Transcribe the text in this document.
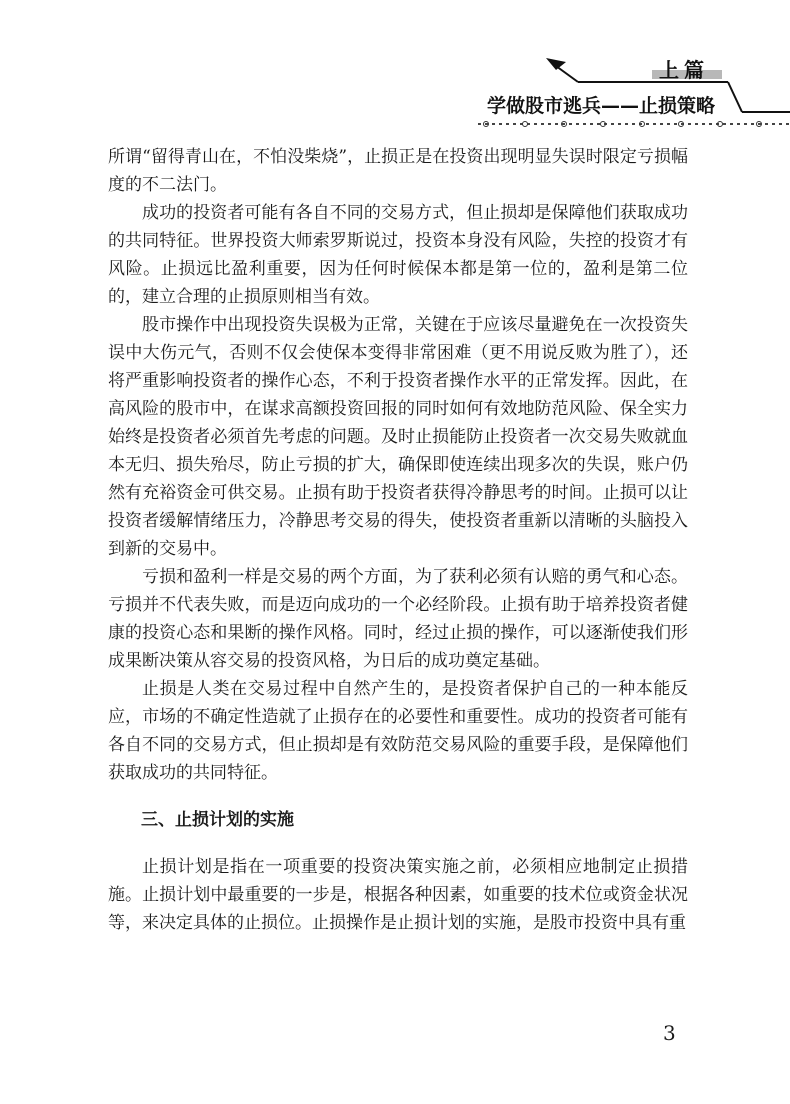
上篇
学做股市逃兵——止损策略

所谓“留得青山在，不怕没柴烧”，止损正是在投资出现明显失误时限定亏损幅度的不二法门。

成功的投资者可能有各自不同的交易方式，但止损却是保障他们获取成功的共同特征。世界投资大师索罗斯说过，投资本身没有风险，失控的投资才有风险。止损远比盈利重要，因为任何时候保本都是第一位的，盈利是第二位的，建立合理的止损原则相当有效。

股市操作中出现投资失误极为正常，关键在于应该尽量避免在一次投资失误中大伤元气，否则不仅会使保本变得非常困难（更不用说反败为胜了），还将严重影响投资者的操作心态，不利于投资者操作水平的正常发挥。因此，在高风险的股市中，在谋求高额投资回报的同时如何有效地防范风险、保全实力始终是投资者必须首先考虑的问题。及时止损能防止投资者一次交易失败就血本无归、损失殆尽，防止亏损的扩大，确保即使连续出现多次的失误，账户仍然有充裕资金可供交易。止损有助于投资者获得冷静思考的时间。止损可以让投资者缓解情绪压力，冷静思考交易的得失，使投资者重新以清晰的头脑投入到新的交易中。

亏损和盈利一样是交易的两个方面，为了获利必须有认赔的勇气和心态。亏损并不代表失败，而是迈向成功的一个必经阶段。止损有助于培养投资者健康的投资心态和果断的操作风格。同时，经过止损的操作，可以逐渐使我们形成果断决策从容交易的投资风格，为日后的成功奠定基础。

止损是人类在交易过程中自然产生的，是投资者保护自己的一种本能反应，市场的不确定性造就了止损存在的必要性和重要性。成功的投资者可能有各自不同的交易方式，但止损却是有效防范交易风险的重要手段，是保障他们获取成功的共同特征。

三、止损计划的实施

止损计划是指在一项重要的投资决策实施之前，必须相应地制定止损措施。止损计划中最重要的一步是，根据各种因素，如重要的技术位或资金状况等，来决定具体的止损位。止损操作是止损计划的实施，是股市投资中具有重

3
